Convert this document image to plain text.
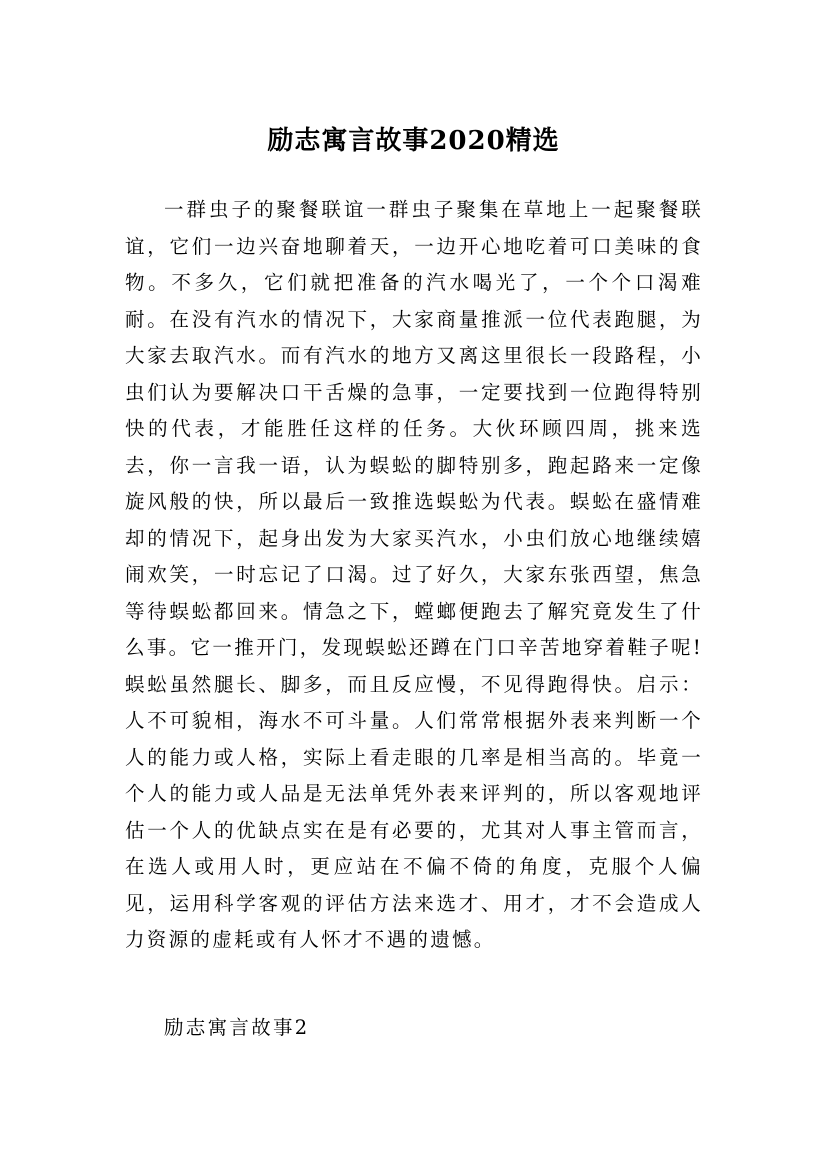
励志寓言故事2020精选

一群虫子的聚餐联谊一群虫子聚集在草地上一起聚餐联谊，它们一边兴奋地聊着天，一边开心地吃着可口美味的食物。不多久，它们就把准备的汽水喝光了，一个个口渴难耐。在没有汽水的情况下，大家商量推派一位代表跑腿，为大家去取汽水。而有汽水的地方又离这里很长一段路程，小虫们认为要解决口干舌燥的急事，一定要找到一位跑得特别快的代表，才能胜任这样的任务。大伙环顾四周，挑来选去，你一言我一语，认为蜈蚣的脚特别多，跑起路来一定像旋风般的快，所以最后一致推选蜈蚣为代表。蜈蚣在盛情难却的情况下，起身出发为大家买汽水，小虫们放心地继续嬉闹欢笑，一时忘记了口渴。过了好久，大家东张西望，焦急等待蜈蚣都回来。情急之下，螳螂便跑去了解究竟发生了什么事。它一推开门，发现蜈蚣还蹲在门口辛苦地穿着鞋子呢!蜈蚣虽然腿长、脚多，而且反应慢，不见得跑得快。启示：人不可貌相，海水不可斗量。人们常常根据外表来判断一个人的能力或人格，实际上看走眼的几率是相当高的。毕竟一个人的能力或人品是无法单凭外表来评判的，所以客观地评估一个人的优缺点实在是有必要的，尤其对人事主管而言，在选人或用人时，更应站在不偏不倚的角度，克服个人偏见，运用科学客观的评估方法来选才、用才，才不会造成人力资源的虚耗或有人怀才不遇的遗憾。

励志寓言故事2
